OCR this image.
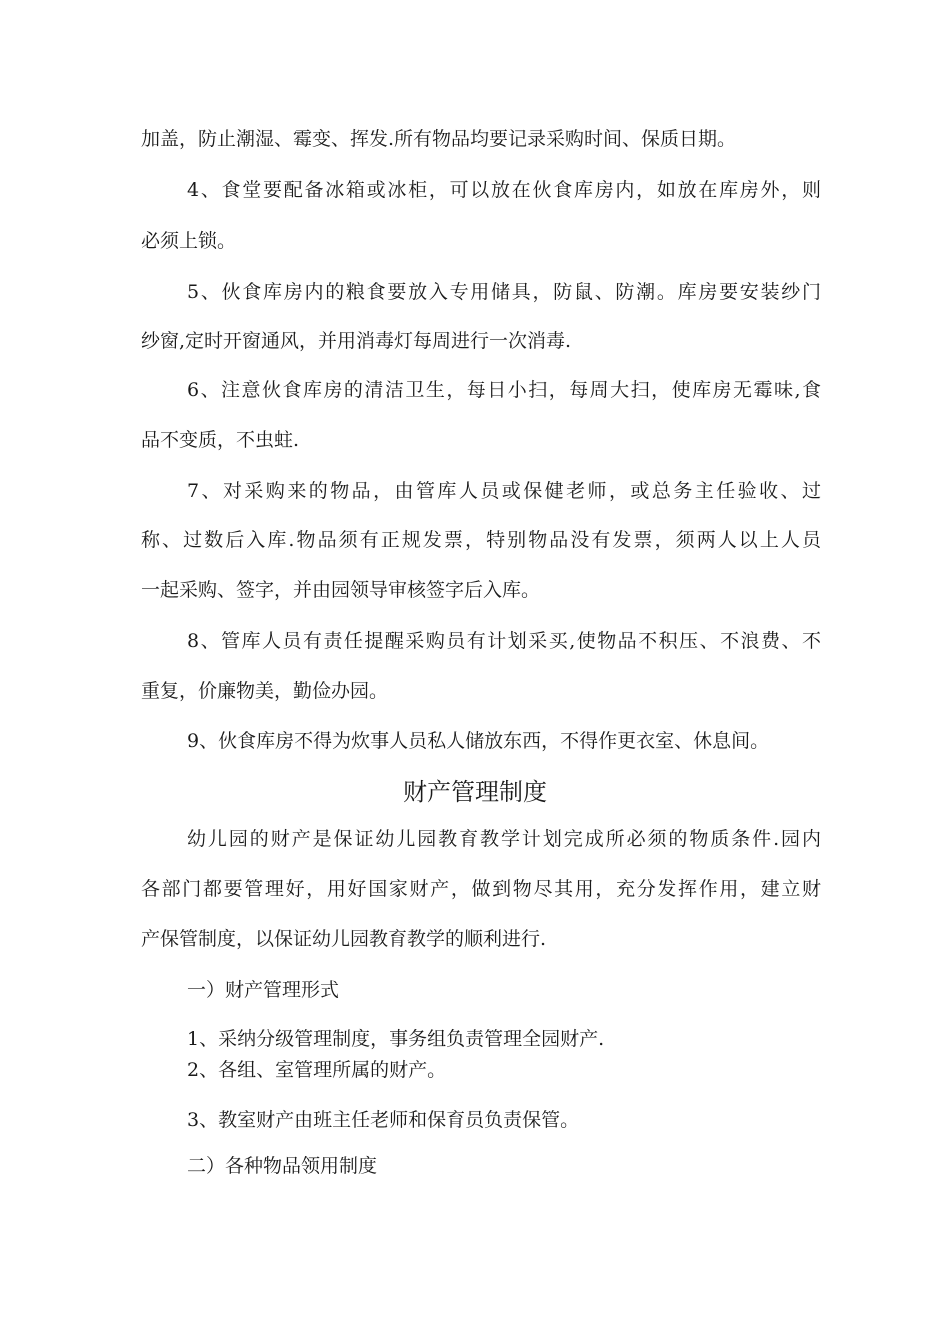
加盖，防止潮湿、霉变、挥发.所有物品均要记录采购时间、保质日期。
4、食堂要配备冰箱或冰柜，可以放在伙食库房内，如放在库房外，则
必须上锁。
5、伙食库房内的粮食要放入专用储具，防鼠、防潮。库房要安装纱门
纱窗,定时开窗通风，并用消毒灯每周进行一次消毒.
6、注意伙食库房的清洁卫生，每日小扫，每周大扫，使库房无霉味,食
品不变质，不虫蛀.
7、对采购来的物品，由管库人员或保健老师，或总务主任验收、过
称、过数后入库.物品须有正规发票，特别物品没有发票，须两人以上人员
一起采购、签字，并由园领导审核签字后入库。
8、管库人员有责任提醒采购员有计划采买,使物品不积压、不浪费、不
重复，价廉物美，勤俭办园。
9、伙食库房不得为炊事人员私人储放东西，不得作更衣室、休息间。
财产管理制度
幼儿园的财产是保证幼儿园教育教学计划完成所必须的物质条件.园内
各部门都要管理好，用好国家财产，做到物尽其用，充分发挥作用，建立财
产保管制度，以保证幼儿园教育教学的顺利进行.
一）财产管理形式
1、采纳分级管理制度，事务组负责管理全园财产.
2、各组、室管理所属的财产。
3、教室财产由班主任老师和保育员负责保管。
二）各种物品领用制度
